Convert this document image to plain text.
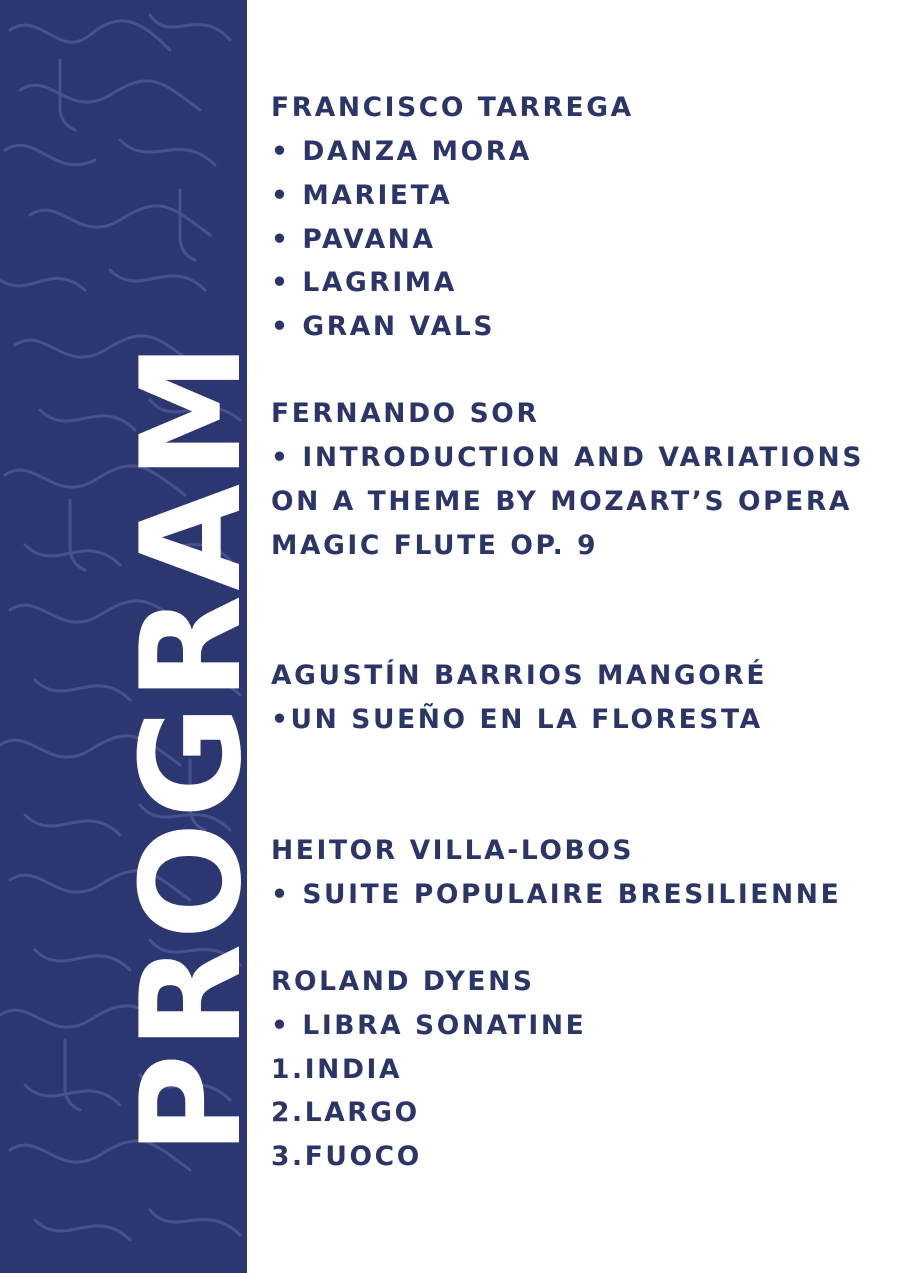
PROGRAM
FRANCISCO TARREGA
• DANZA MORA
• MARIETA
• PAVANA
• LAGRIMA
• GRAN VALS
FERNANDO SOR
• INTRODUCTION AND VARIATIONS
ON A THEME BY MOZART’S OPERA
MAGIC FLUTE OP. 9
AGUSTÍN BARRIOS MANGORÉ
•UN SUEÑO EN LA FLORESTA
HEITOR VILLA-LOBOS
• SUITE POPULAIRE BRESILIENNE
ROLAND DYENS
• LIBRA SONATINE
1.INDIA
2.LARGO
3.FUOCO
